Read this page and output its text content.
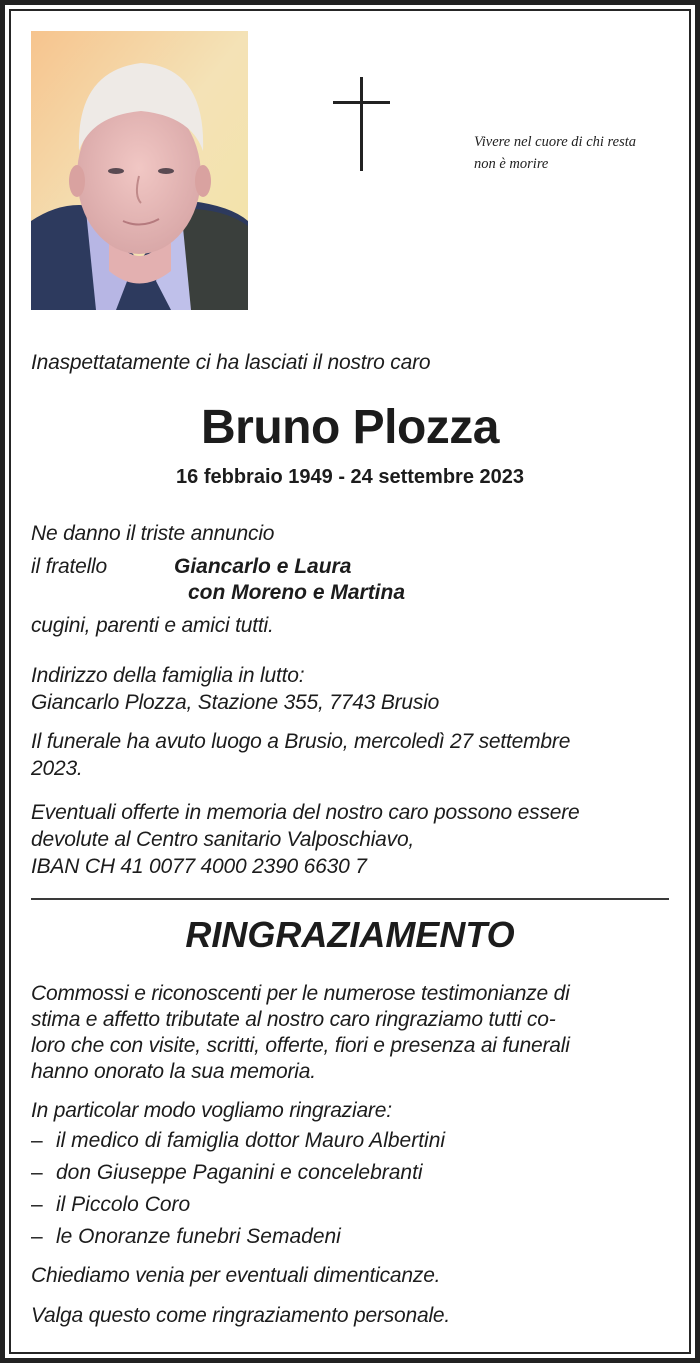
Vivere nel cuore di chi resta
non è morire
Inaspettatamente ci ha lasciati il nostro caro
Bruno Plozza
16 febbraio 1949 - 24 settembre 2023
Ne danno il triste annuncio
il fratello	Giancarlo e Laura
con Moreno e Martina
cugini, parenti e amici tutti.
Indirizzo della famiglia in lutto:
Giancarlo Plozza, Stazione 355, 7743 Brusio
Il funerale ha avuto luogo a Brusio, mercoledì 27 settembre
2023.
Eventuali offerte in memoria del nostro caro possono essere
devolute al Centro sanitario Valposchiavo,
IBAN CH 41 0077 4000 2390 6630 7
RINGRAZIAMENTO
Commossi e riconoscenti per le numerose testimonianze di
stima e affetto tributate al nostro caro ringraziamo tutti co-
loro che con visite, scritti, offerte, fiori e presenza ai funerali
hanno onorato la sua memoria.
In particolar modo vogliamo ringraziare:
– il medico di famiglia dottor Mauro Albertini
– don Giuseppe Paganini e concelebranti
– il Piccolo Coro
– le Onoranze funebri Semadeni
Chiediamo venia per eventuali dimenticanze.
Valga questo come ringraziamento personale.
